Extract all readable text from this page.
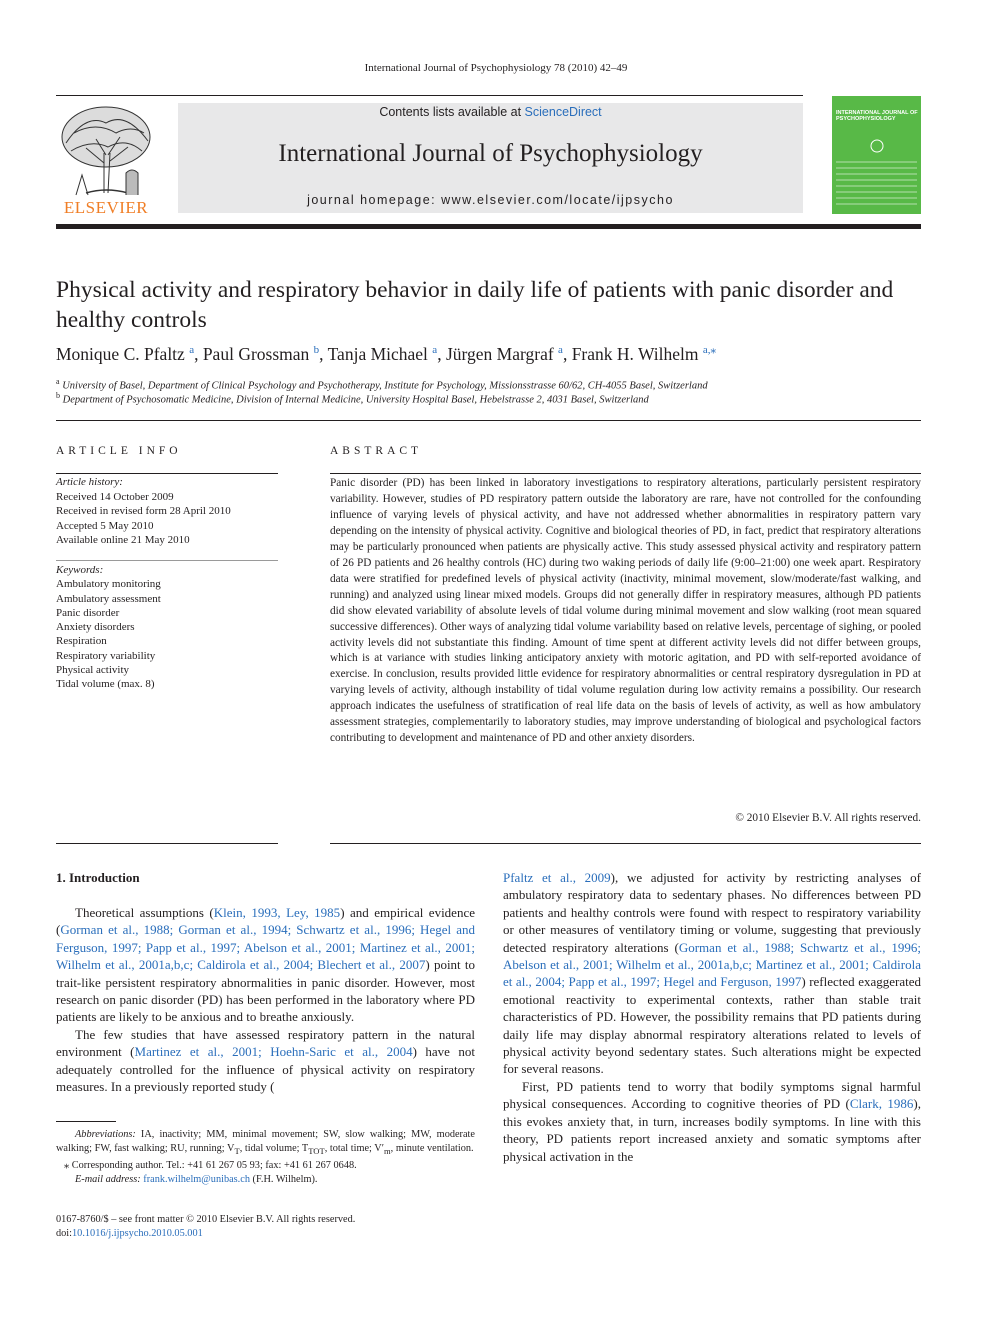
International Journal of Psychophysiology 78 (2010) 42–49
ELSEVIER
Contents lists available at ScienceDirect
International Journal of Psychophysiology
journal homepage: www.elsevier.com/locate/ijpsycho
INTERNATIONAL JOURNAL OF PSYCHOPHYSIOLOGY
Physical activity and respiratory behavior in daily life of patients with panic disorder and healthy controls
Monique C. Pfaltz $^a$, Paul Grossman $^b$, Tanja Michael $^a$, Jürgen Margraf $^a$, Frank H. Wilhelm $^{a,⁎}$
$^a$ University of Basel, Department of Clinical Psychology and Psychotherapy, Institute for Psychology, Missionsstrasse 60/62, CH-4055 Basel, Switzerland
$^b$ Department of Psychosomatic Medicine, Division of Internal Medicine, University Hospital Basel, Hebelstrasse 2, 4031 Basel, Switzerland
ARTICLE INFO
Article history:
Received 14 October 2009
Received in revised form 28 April 2010
Accepted 5 May 2010
Available online 21 May 2010
Keywords:
Ambulatory monitoring
Ambulatory assessment
Panic disorder
Anxiety disorders
Respiration
Respiratory variability
Physical activity
Tidal volume (max. 8)
ABSTRACT
Panic disorder (PD) has been linked in laboratory investigations to respiratory alterations, particularly persistent respiratory variability. However, studies of PD respiratory pattern outside the laboratory are rare, have not controlled for the confounding influence of varying levels of physical activity, and have not addressed whether abnormalities in respiratory pattern vary depending on the intensity of physical activity. Cognitive and biological theories of PD, in fact, predict that respiratory alterations may be particularly pronounced when patients are physically active. This study assessed physical activity and respiratory pattern of 26 PD patients and 26 healthy controls (HC) during two waking periods of daily life (9:00–21:00) one week apart. Respiratory data were stratified for predefined levels of physical activity (inactivity, minimal movement, slow/moderate/fast walking, and running) and analyzed using linear mixed models. Groups did not generally differ in respiratory measures, although PD patients did show elevated variability of absolute levels of tidal volume during minimal movement and slow walking (root mean squared successive differences). Other ways of analyzing tidal volume variability based on relative levels, percentage of sighing, or pooled activity levels did not substantiate this finding. Amount of time spent at different activity levels did not differ between groups, which is at variance with studies linking anticipatory anxiety with motoric agitation, and PD with self-reported avoidance of exercise. In conclusion, results provided little evidence for respiratory abnormalities or central respiratory dysregulation in PD at varying levels of activity, although instability of tidal volume regulation during low activity remains a possibility. Our research approach indicates the usefulness of stratification of real life data on the basis of levels of activity, as well as how ambulatory assessment strategies, complementarily to laboratory studies, may improve understanding of biological and psychological factors contributing to development and maintenance of PD and other anxiety disorders.
© 2010 Elsevier B.V. All rights reserved.
1. Introduction

Theoretical assumptions (Klein, 1993, Ley, 1985) and empirical evidence (Gorman et al., 1988; Gorman et al., 1994; Schwartz et al., 1996; Hegel and Ferguson, 1997; Papp et al., 1997; Abelson et al., 2001; Martinez et al., 2001; Wilhelm et al., 2001a,b,c; Caldirola et al., 2004; Blechert et al., 2007) point to trait-like persistent respiratory abnormalities in panic disorder. However, most research on panic disorder (PD) has been performed in the laboratory where PD patients are likely to be anxious and to breathe anxiously.

The few studies that have assessed respiratory pattern in the natural environment (Martinez et al., 2001; Hoehn-Saric et al., 2004) have not adequately controlled for the influence of physical activity on respiratory measures. In a previously reported study (

Pfaltz et al., 2009), we adjusted for activity by restricting analyses of ambulatory respiratory data to sedentary phases. No differences between PD patients and healthy controls were found with respect to respiratory variability or other measures of ventilatory timing or volume, suggesting that previously detected respiratory alterations (Gorman et al., 1988; Schwartz et al., 1996; Abelson et al., 2001; Wilhelm et al., 2001a,b,c; Martinez et al., 2001; Caldirola et al., 2004; Papp et al., 1997; Hegel and Ferguson, 1997) reflected exaggerated emotional reactivity to experimental contexts, rather than stable trait characteristics of PD. However, the possibility remains that PD patients during daily life may display abnormal respiratory alterations related to levels of physical activity beyond sedentary states. Such alterations might be expected for several reasons.

First, PD patients tend to worry that bodily symptoms signal harmful physical consequences. According to cognitive theories of PD (Clark, 1986), this evokes anxiety that, in turn, increases bodily symptoms. In line with this theory, PD patients report increased anxiety and somatic symptoms after physical activation in the

Abbreviations: IA, inactivity; MM, minimal movement; SW, slow walking; MW, moderate walking; FW, fast walking; RU, running; $V_T$, tidal volume; $T_{TOT}$, total time; $V'_m$, minute ventilation.

⁎ Corresponding author. Tel.: +41 61 267 05 93; fax: +41 61 267 0648.

E-mail address: frank.wilhelm@unibas.ch (F.H. Wilhelm).

0167-8760/$ – see front matter © 2010 Elsevier B.V. All rights reserved.
doi:10.1016/j.ijpsycho.2010.05.001
